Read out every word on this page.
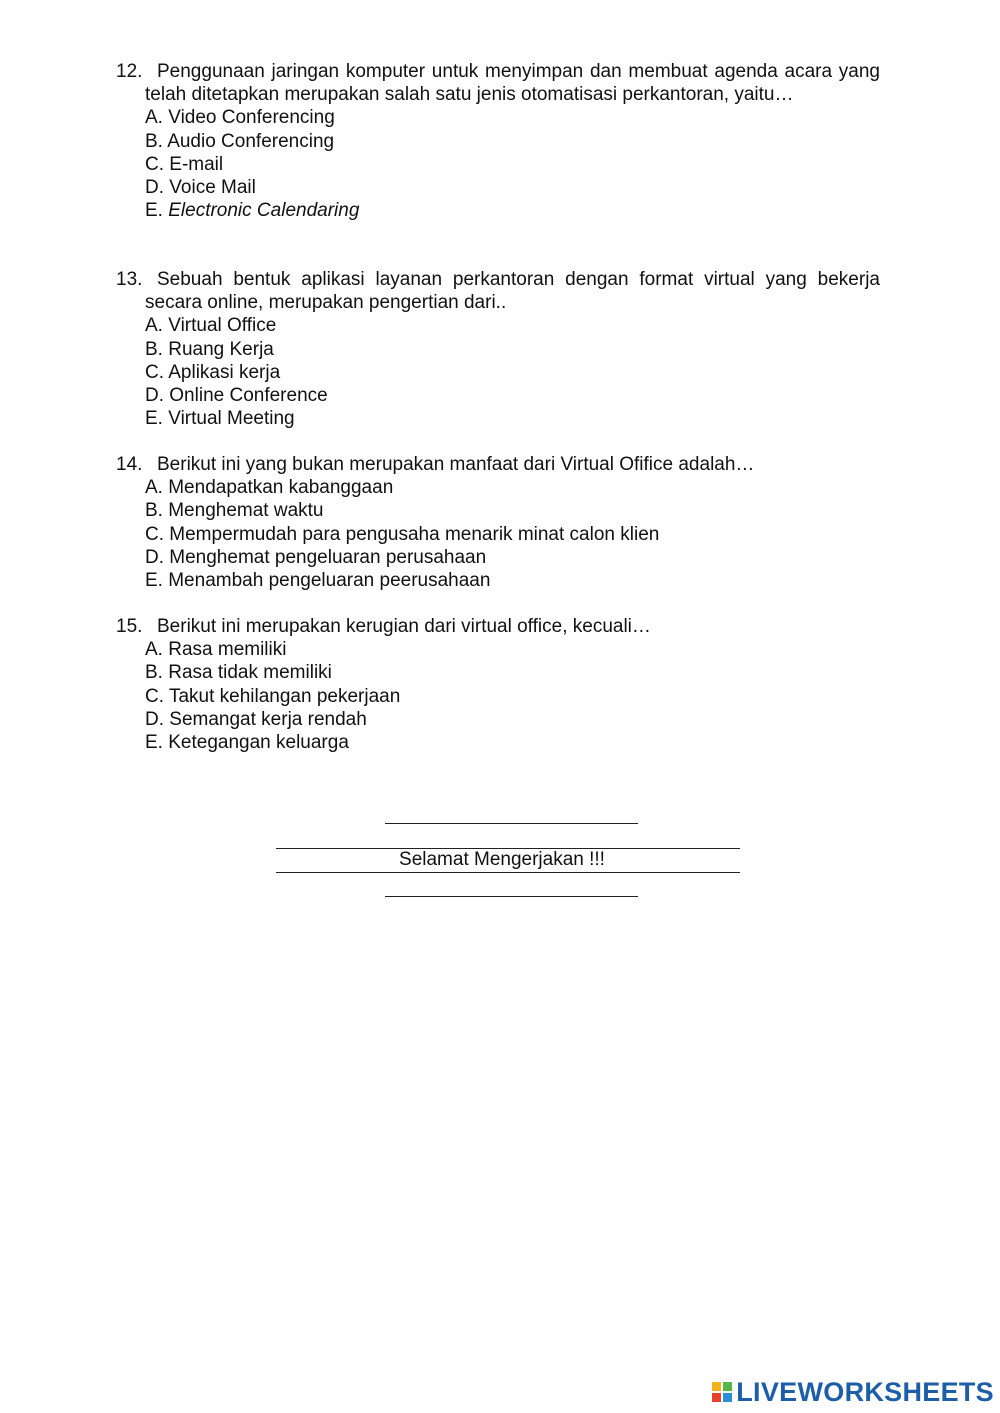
12. Penggunaan jaringan komputer untuk menyimpan dan membuat agenda acara yang telah ditetapkan merupakan salah satu jenis otomatisasi perkantoran, yaitu…
A. Video Conferencing
B. Audio Conferencing
C. E-mail
D. Voice Mail
E. Electronic Calendaring
13. Sebuah bentuk aplikasi layanan perkantoran dengan format virtual yang bekerja secara online, merupakan pengertian dari..
A. Virtual Office
B. Ruang Kerja
C. Aplikasi kerja
D. Online Conference
E. Virtual Meeting
14. Berikut ini yang bukan merupakan manfaat dari Virtual Ofifice adalah…
A. Mendapatkan kabanggaan
B. Menghemat waktu
C. Mempermudah para pengusaha menarik minat calon klien
D. Menghemat pengeluaran perusahaan
E. Menambah pengeluaran peerusahaan
15. Berikut ini merupakan kerugian dari virtual office, kecuali…
A. Rasa memiliki
B. Rasa tidak memiliki
C. Takut kehilangan pekerjaan
D. Semangat kerja rendah
E. Ketegangan keluarga
Selamat Mengerjakan !!!
LIVEWORKSHEETS
